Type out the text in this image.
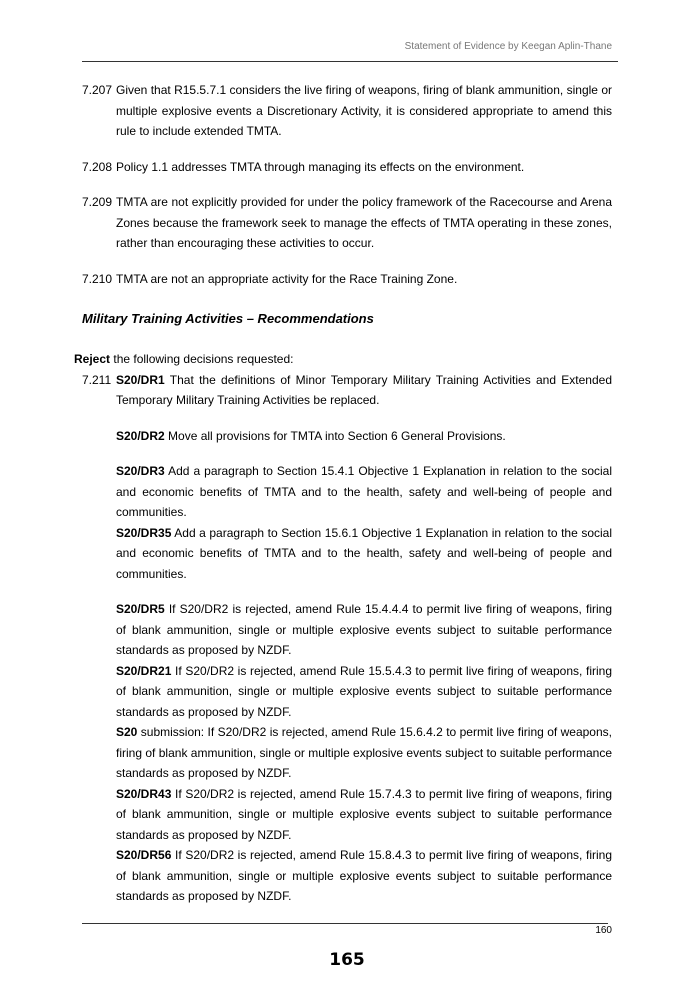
Statement of Evidence by Keegan Aplin-Thane

7.207 Given that R15.5.7.1 considers the live firing of weapons, firing of blank ammunition, single or multiple explosive events a Discretionary Activity, it is considered appropriate to amend this rule to include extended TMTA.

7.208 Policy 1.1 addresses TMTA through managing its effects on the environment.

7.209 TMTA are not explicitly provided for under the policy framework of the Racecourse and Arena Zones because the framework seek to manage the effects of TMTA operating in these zones, rather than encouraging these activities to occur.

7.210 TMTA are not an appropriate activity for the Race Training Zone.

Military Training Activities – Recommendations

Reject the following decisions requested:

7.211 S20/DR1 That the definitions of Minor Temporary Military Training Activities and Extended Temporary Military Training Activities be replaced.

S20/DR2 Move all provisions for TMTA into Section 6 General Provisions.

S20/DR3 Add a paragraph to Section 15.4.1 Objective 1 Explanation in relation to the social and economic benefits of TMTA and to the health, safety and well-being of people and communities.

S20/DR35 Add a paragraph to Section 15.6.1 Objective 1 Explanation in relation to the social and economic benefits of TMTA and to the health, safety and well-being of people and communities.

S20/DR5 If S20/DR2 is rejected, amend Rule 15.4.4.4 to permit live firing of weapons, firing of blank ammunition, single or multiple explosive events subject to suitable performance standards as proposed by NZDF.

S20/DR21 If S20/DR2 is rejected, amend Rule 15.5.4.3 to permit live firing of weapons, firing of blank ammunition, single or multiple explosive events subject to suitable performance standards as proposed by NZDF.

S20 submission: If S20/DR2 is rejected, amend Rule 15.6.4.2 to permit live firing of weapons, firing of blank ammunition, single or multiple explosive events subject to suitable performance standards as proposed by NZDF.

S20/DR43 If S20/DR2 is rejected, amend Rule 15.7.4.3 to permit live firing of weapons, firing of blank ammunition, single or multiple explosive events subject to suitable performance standards as proposed by NZDF.

S20/DR56 If S20/DR2 is rejected, amend Rule 15.8.4.3 to permit live firing of weapons, firing of blank ammunition, single or multiple explosive events subject to suitable performance standards as proposed by NZDF.

160
165
